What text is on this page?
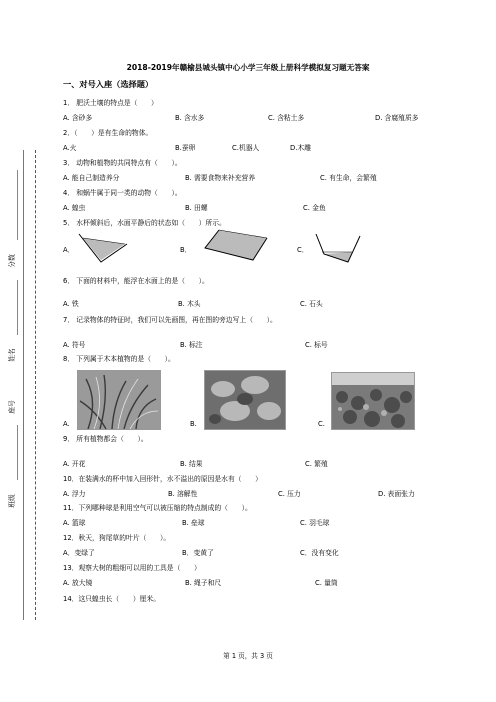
分数
姓名
座号
班级
2018-2019年赣榆县城头镇中心小学三年级上册科学模拟复习题无答案
一、对号入座（选择题）
1． 肥沃土壤的特点是（　　）
A. 含砂多	B. 含水多	C. 含粘土多	D. 含腐殖质多
2．（　　）是有生命的物体。
A.火	B.蚕卵	C.机器人	D.木雕
3． 动物和植物的共同特点有（　　）。
A. 能自己制造养分	B. 需要食物来补充营养	C. 有生命，会繁殖
4． 和蜗牛属于同一类的动物（　　）。
A. 蝗虫	B. 田螺	C. 金鱼
5． 水杯倾斜后，水面平静后的状态如（　　）所示。
A．	B．	C．
6． 下面的材料中，能浮在水面上的是（　　）。
A. 铁	B. 木头	C. 石头
7． 记录物体的特征时，我们可以先画图，再在图的旁边写上（　　）。
A. 符号	B. 标注	C. 标号
8． 下列属于木本植物的是（　　）。
A.	B.	C.
9． 所有植物都会（　　）。
A. 开花	B. 结果	C. 繁殖
10．在装满水的杯中加入回形针，水不溢出的原因是水有（　　）
A. 浮力	B. 溶解性	C. 压力	D. 表面张力
11．下列哪种球是利用空气可以被压缩的特点制成的（　　）。
A. 篮球	B. 垒球	C. 羽毛球
12．秋天，狗尾草的叶片（　　）。
A．变绿了	B．变黄了	C．没有变化
13．观察大树的粗细可以用的工具是（　　）
A. 放大镜	B. 绳子和尺	C. 量筒
14．这只蝗虫长（　　）厘米。
第 1 页，共 3 页
